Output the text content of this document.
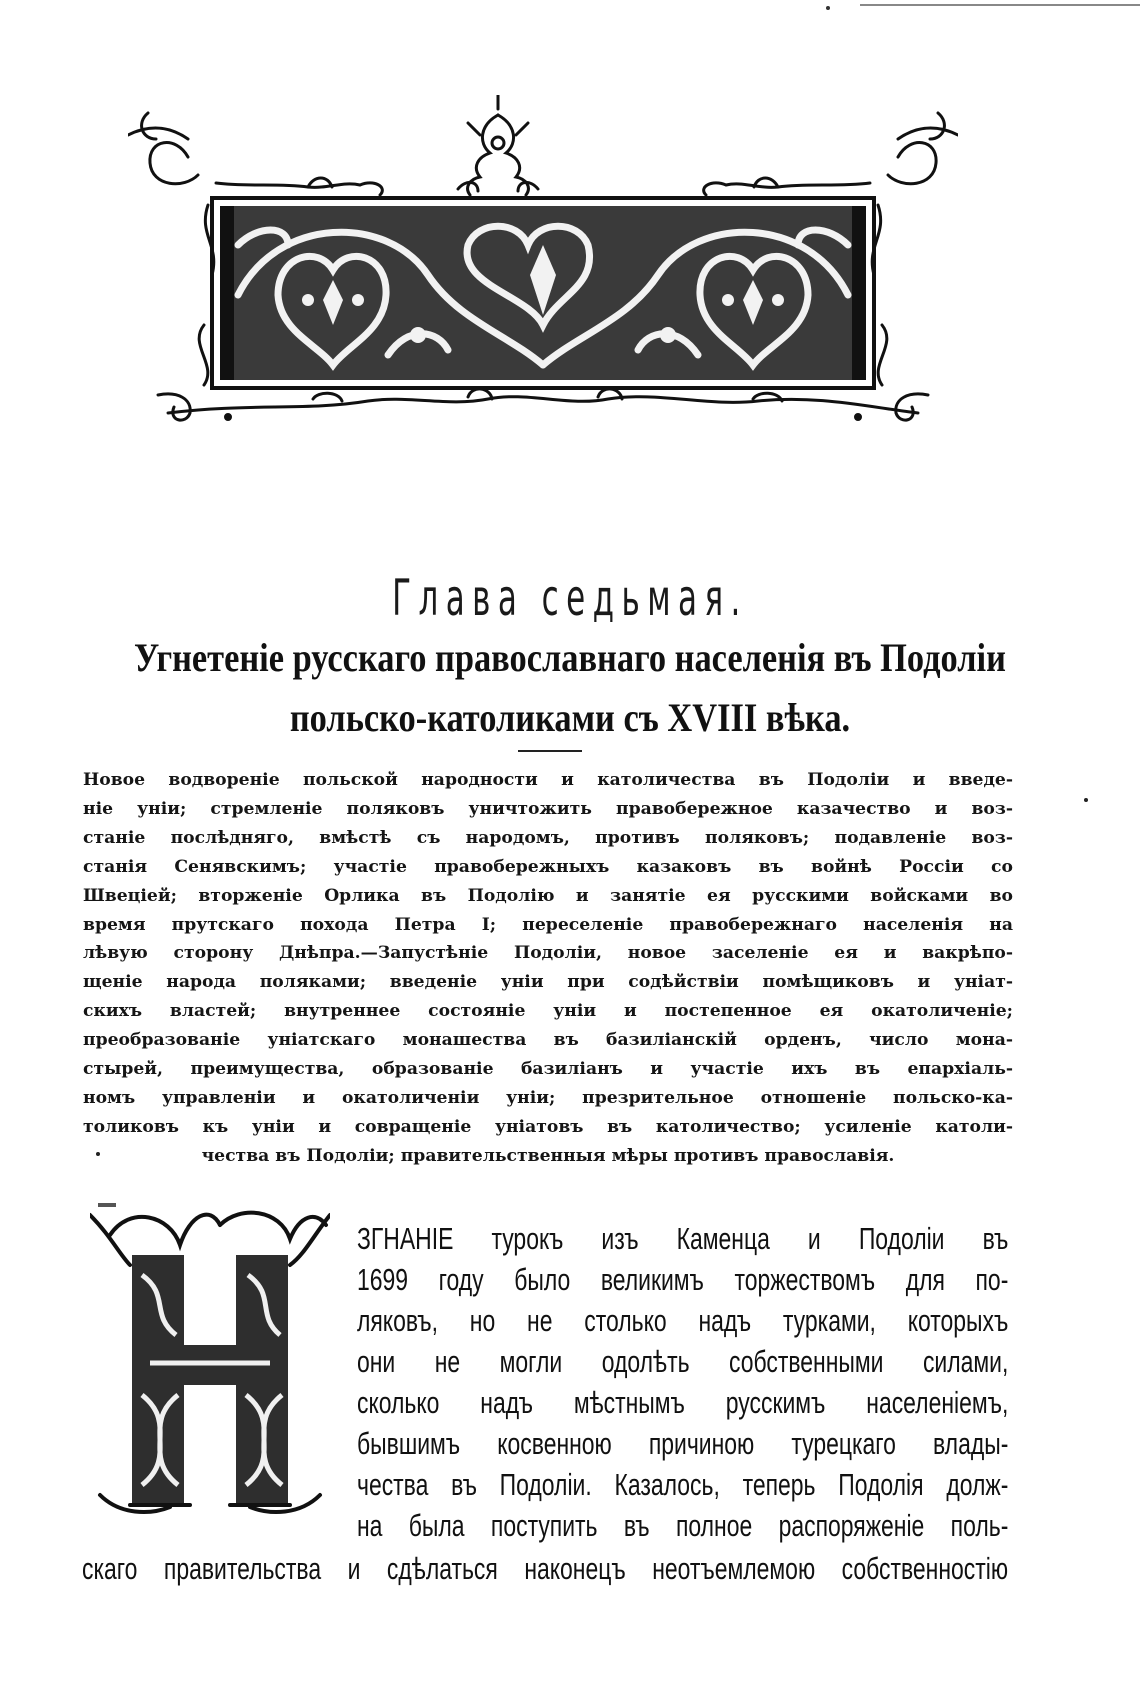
Глава седьмая.
Угнетеніе русскаго православнаго населенія въ Подоліи
польско-католиками съ XVIII вѣка.
Новое водвореніе польской народности и католичества въ Подоліи и введе-
ніе уніи; стремленіе поляковъ уничтожить правобережное казачество и воз-
станіе послѣдняго, вмѣстѣ съ народомъ, противъ поляковъ; подавленіе воз-
станія Сенявскимъ; участіе правобережныхъ казаковъ въ войнѣ Россіи со
Швеціей; вторженіе Орлика въ Подолію и занятіе ея русскими войсками во
время прутскаго похода Петра I; переселеніе правобережнаго населенія на
лѣвую сторону Днѣпра.—Запустѣніе Подоліи, новое заселеніе ея и вакрѣпо-
щеніе народа поляками; введеніе уніи при содѣйствіи помѣщиковъ и уніат-
скихъ властей; внутреннее состояніе уніи и постепенное ея окатоличеніе;
преобразованіе уніатскаго монашества въ базиліанскій орденъ, число мона-
стырей, преимущества, образованіе базиліанъ и участіе ихъ въ епархіаль-
номъ управленіи и окатоличеніи уніи; презрительное отношеніе польско-ка-
толиковъ къ уніи и совращеніе уніатовъ въ католичество; усиленіе католи-
чества въ Подоліи; правительственныя мѣры противъ православія.
ЗГНАНІЕ турокъ изъ Каменца и Подоліи въ
1699 году было великимъ торжествомъ для по-
ляковъ, но не столько надъ турками, которыхъ
они не могли одолѣть собственными силами,
сколько надъ мѣстнымъ русскимъ населеніемъ,
бывшимъ косвенною причиною турецкаго влады-
чества въ Подоліи. Казалось, теперь Подолія долж-
на была поступить въ полное распоряженіе поль-
скаго правительства и сдѣлаться наконецъ неотъемлемою собственностію
